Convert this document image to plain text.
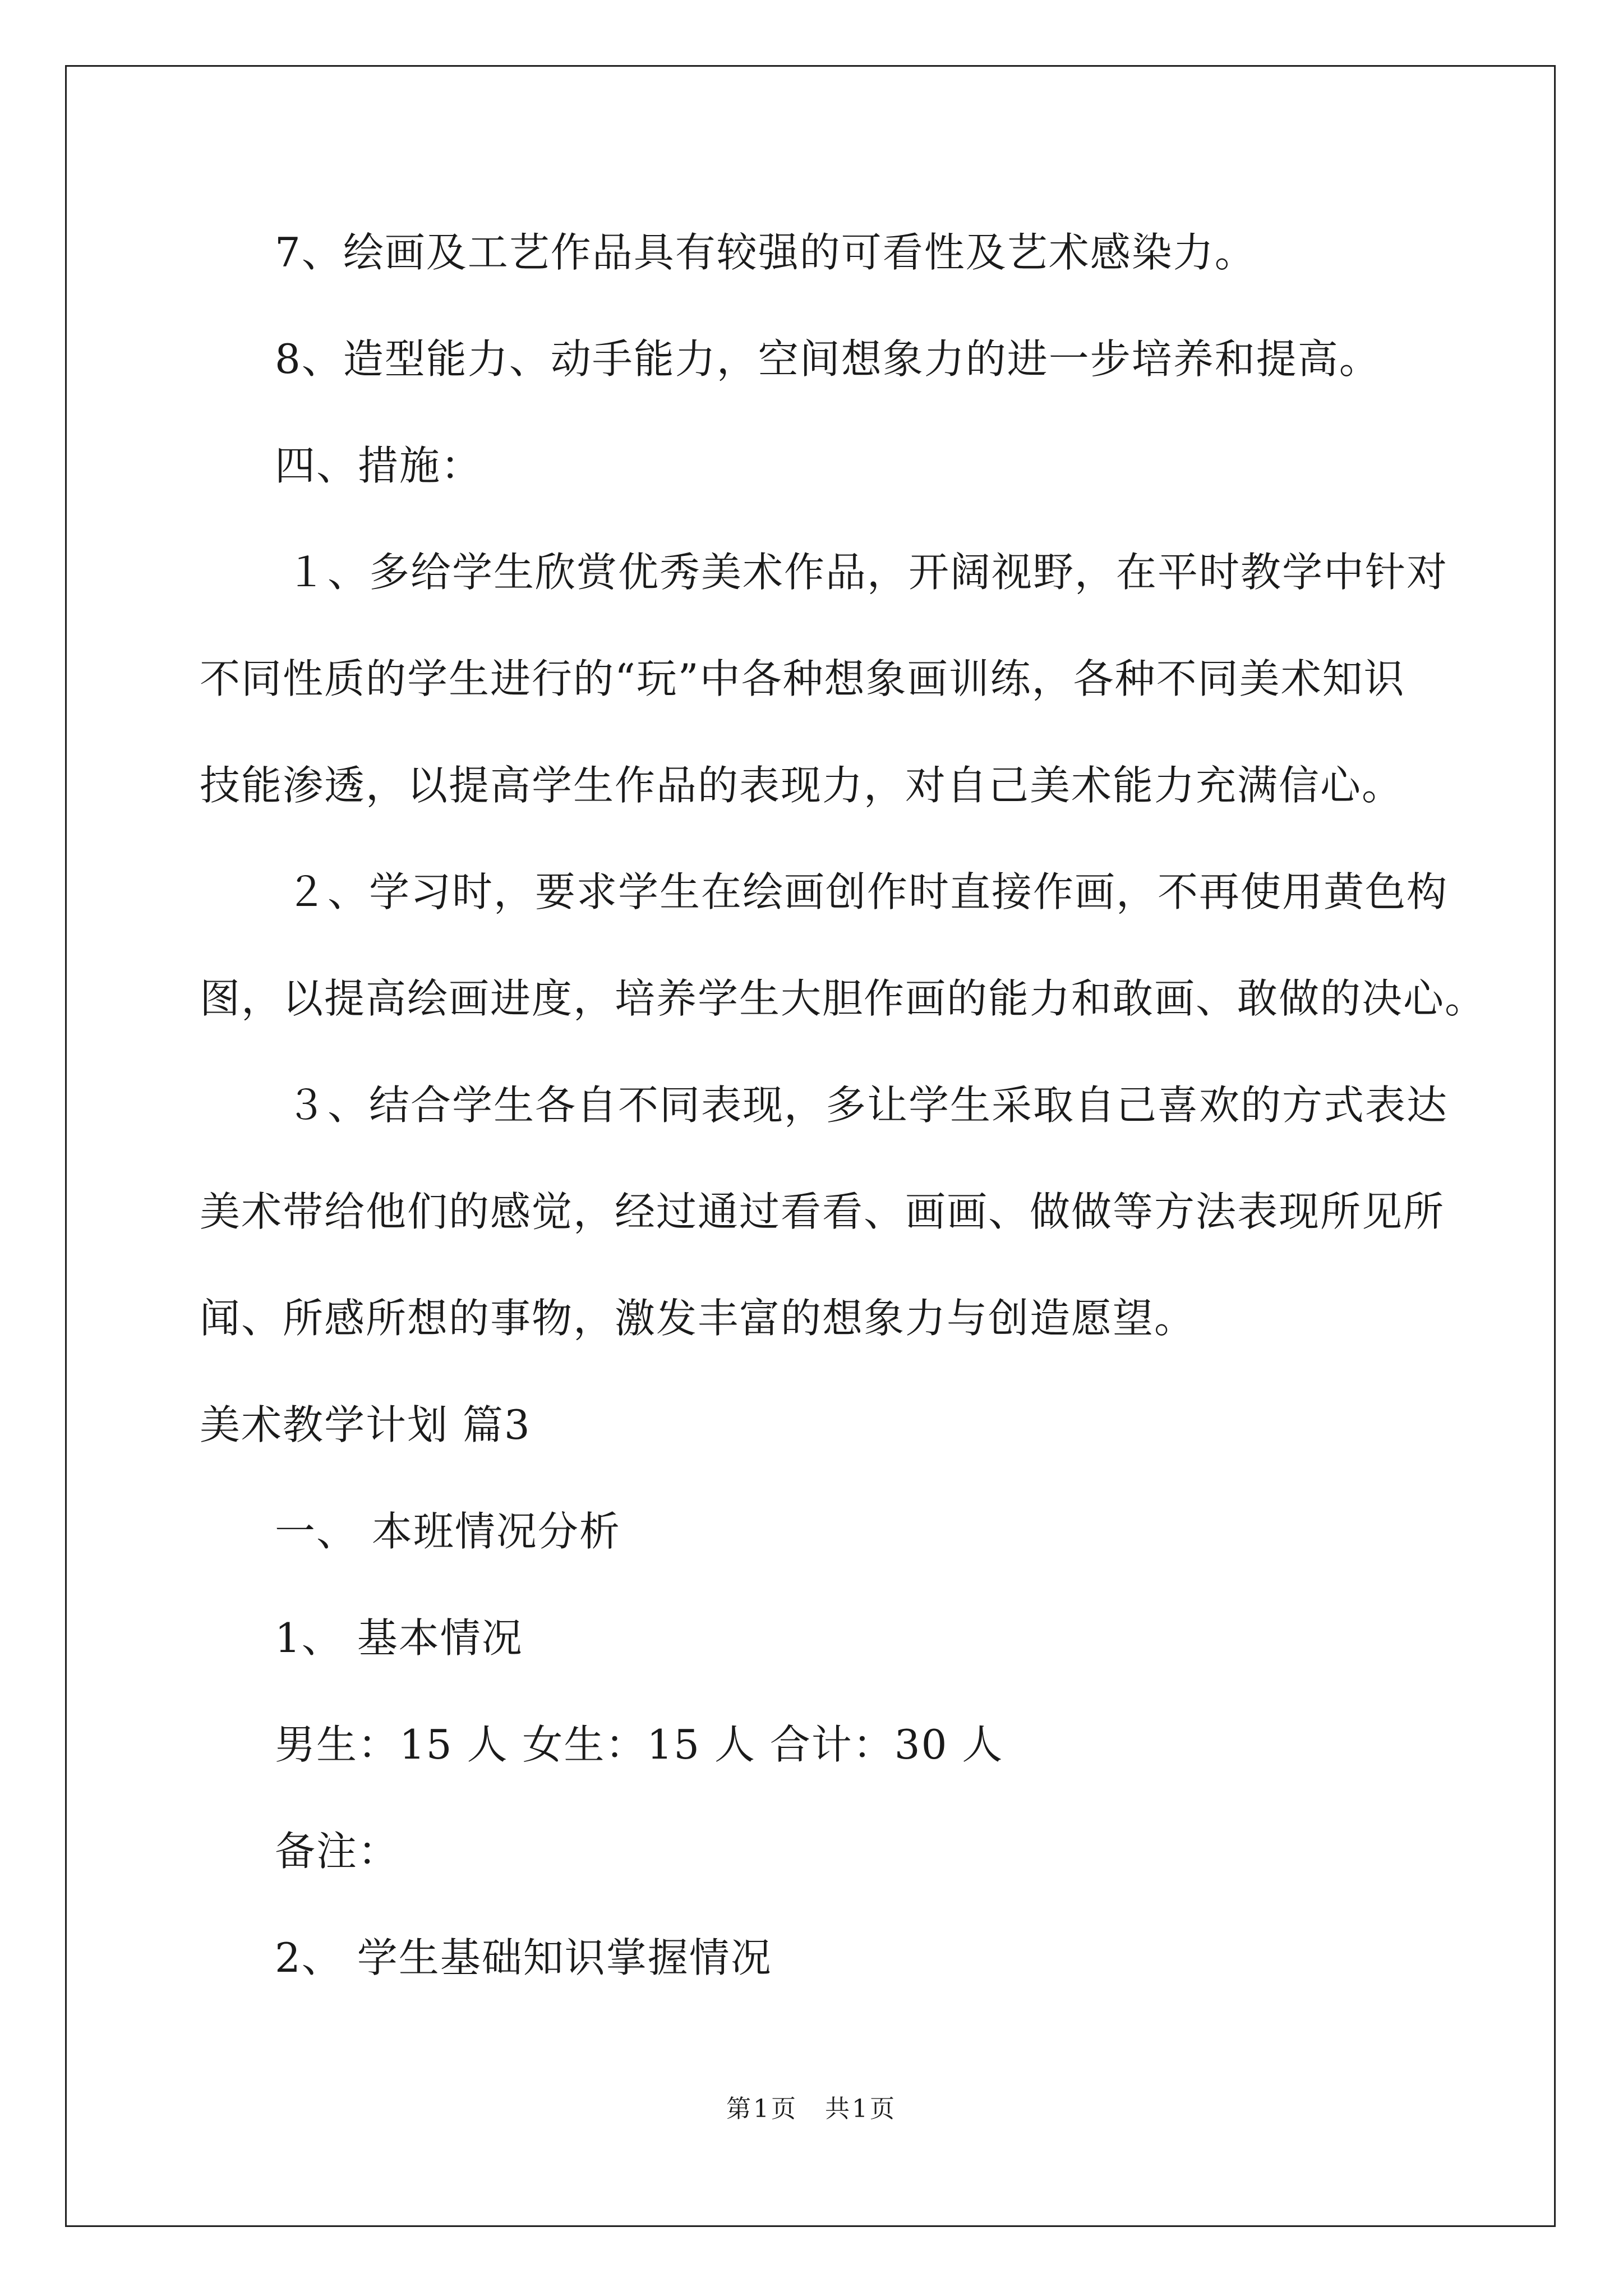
7、绘画及工艺作品具有较强的可看性及艺术感染力。
8、造型能力、动手能力，空间想象力的进一步培养和提高。
四、措施：
１、多给学生欣赏优秀美术作品，开阔视野，在平时教学中针对
不同性质的学生进行的“玩”中各种想象画训练，各种不同美术知识
技能渗透，以提高学生作品的表现力，对自己美术能力充满信心。
２、学习时，要求学生在绘画创作时直接作画，不再使用黄色构
图，以提高绘画进度，培养学生大胆作画的能力和敢画、敢做的决心。
３、结合学生各自不同表现，多让学生采取自己喜欢的方式表达
美术带给他们的感觉，经过通过看看、画画、做做等方法表现所见所
闻、所感所想的事物，激发丰富的想象力与创造愿望。
美术教学计划 篇3
一、 本班情况分析
1、 基本情况
男生：15 人 女生：15 人 合计：30 人
备注：
2、 学生基础知识掌握情况
第1页　共1页
